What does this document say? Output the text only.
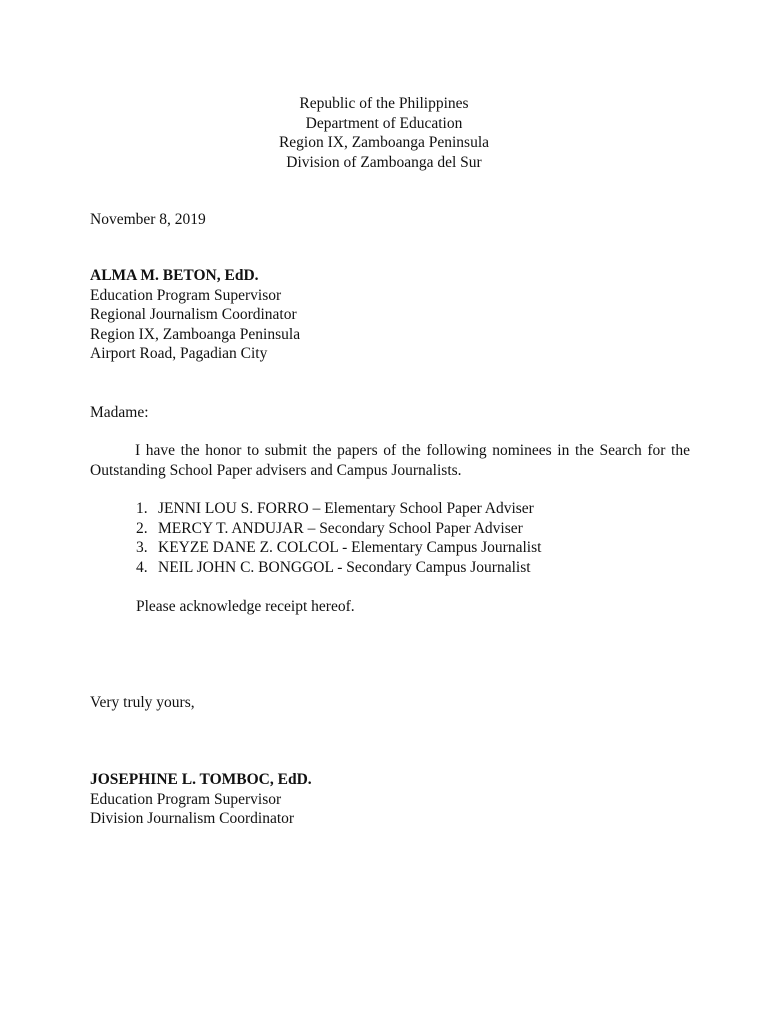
Republic of the Philippines
Department of Education
Region IX, Zamboanga Peninsula
Division of Zamboanga del Sur
November 8, 2019
ALMA M. BETON, EdD.
Education Program Supervisor
Regional Journalism Coordinator
Region IX, Zamboanga Peninsula
Airport Road, Pagadian City
Madame:
I have the honor to submit the papers of the following nominees in the Search for the Outstanding School Paper advisers and Campus Journalists.
1. JENNI LOU S. FORRO – Elementary School Paper Adviser
2. MERCY T. ANDUJAR – Secondary School Paper Adviser
3. KEYZE DANE Z. COLCOL - Elementary Campus Journalist
4. NEIL JOHN C. BONGGOL - Secondary Campus Journalist
Please acknowledge receipt hereof.
Very truly yours,
JOSEPHINE L. TOMBOC, EdD.
Education Program Supervisor
Division Journalism Coordinator
